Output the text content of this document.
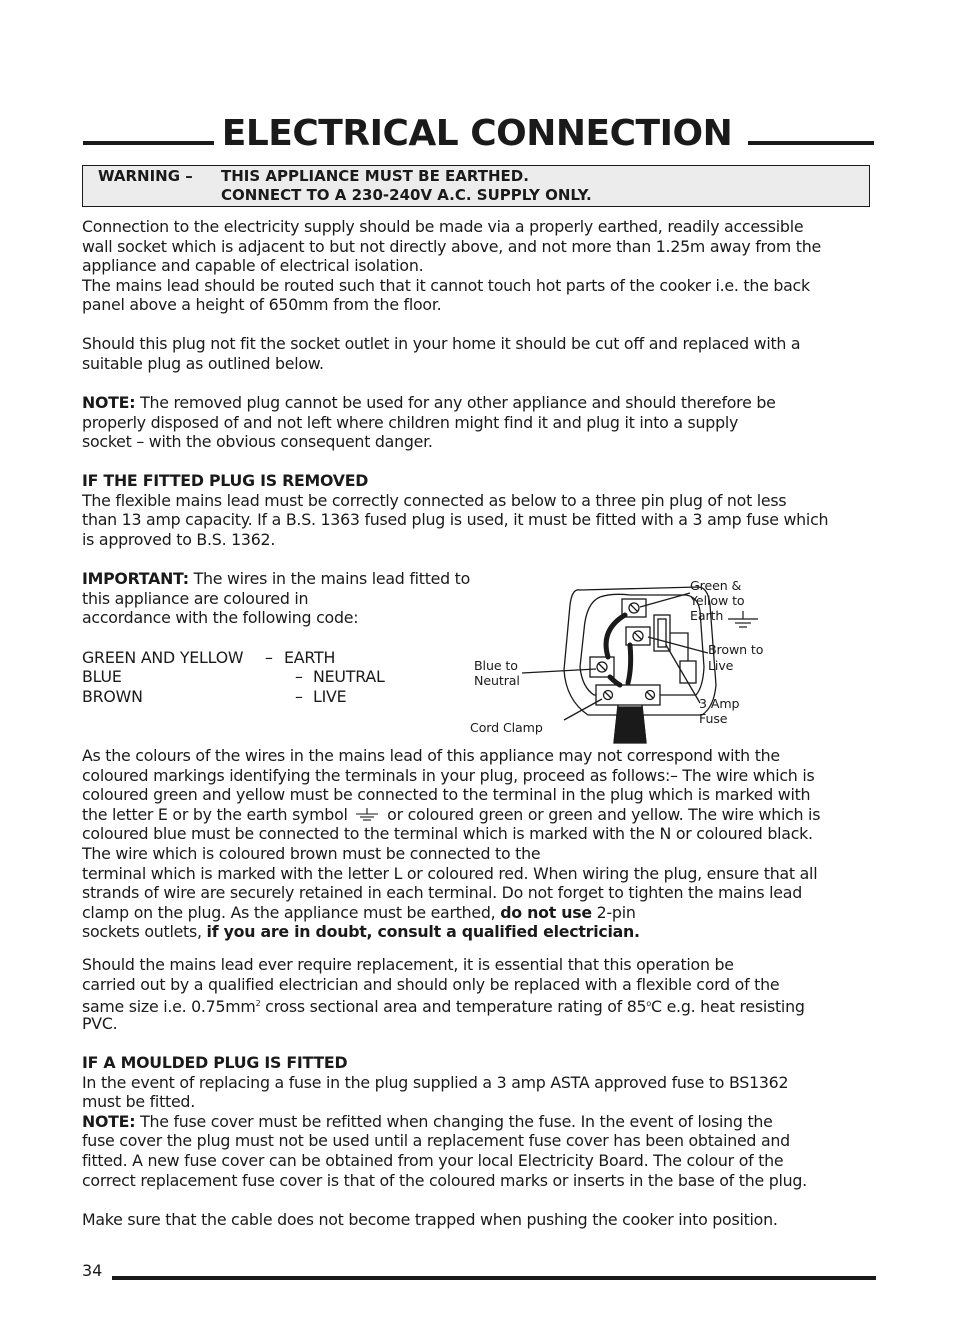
ELECTRICAL CONNECTION
WARNING – THIS APPLIANCE MUST BE EARTHED.
CONNECT TO A 230-240V A.C. SUPPLY ONLY.
Connection to the electricity supply should be made via a properly earthed, readily accessible
wall socket which is adjacent to but not directly above, and not more than 1.25m away from the
appliance and capable of electrical isolation.
The mains lead should be routed such that it cannot touch hot parts of the cooker i.e. the back
panel above a height of 650mm from the floor.
Should this plug not fit the socket outlet in your home it should be cut off and replaced with a
suitable plug as outlined below.
NOTE: The removed plug cannot be used for any other appliance and should therefore be
properly disposed of and not left where children might find it and plug it into a supply
socket – with the obvious consequent danger.
IF THE FITTED PLUG IS REMOVED
The flexible mains lead must be correctly connected as below to a three pin plug of not less
than 13 amp capacity. If a B.S. 1363 fused plug is used, it must be fitted with a 3 amp fuse which
is approved to B.S. 1362.
IMPORTANT: The wires in the mains lead fitted to
this appliance are coloured in
accordance with the following code:
GREEN AND YELLOW – EARTH
BLUE	– NEUTRAL
BROWN	– LIVE
Green &
Yellow to
Earth
Brown to
Live
Blue to
Neutral
3 Amp
Fuse
Cord Clamp
As the colours of the wires in the mains lead of this appliance may not correspond with the
coloured markings identifying the terminals in your plug, proceed as follows:– The wire which is
coloured green and yellow must be connected to the terminal in the plug which is marked with
the letter E or by the earth symbol  or coloured green or green and yellow. The wire which is
coloured blue must be connected to the terminal which is marked with the N or coloured black.
The wire which is coloured brown must be connected to the
terminal which is marked with the letter L or coloured red. When wiring the plug, ensure that all
strands of wire are securely retained in each terminal. Do not forget to tighten the mains lead
clamp on the plug. As the appliance must be earthed, do not use 2-pin
sockets outlets, if you are in doubt, consult a qualified electrician.
Should the mains lead ever require replacement, it is essential that this operation be
carried out by a qualified electrician and should only be replaced with a flexible cord of the
same size i.e. $0.75mm^2$ cross sectional area and temperature rating of 85$^o$C e.g. heat resisting
PVC.
IF A MOULDED PLUG IS FITTED
In the event of replacing a fuse in the plug supplied a 3 amp ASTA approved fuse to BS1362
must be fitted.
NOTE: The fuse cover must be refitted when changing the fuse. In the event of losing the
fuse cover the plug must not be used until a replacement fuse cover has been obtained and
fitted. A new fuse cover can be obtained from your local Electricity Board. The colour of the
correct replacement fuse cover is that of the coloured marks or inserts in the base of the plug.
Make sure that the cable does not become trapped when pushing the cooker into position.
34
